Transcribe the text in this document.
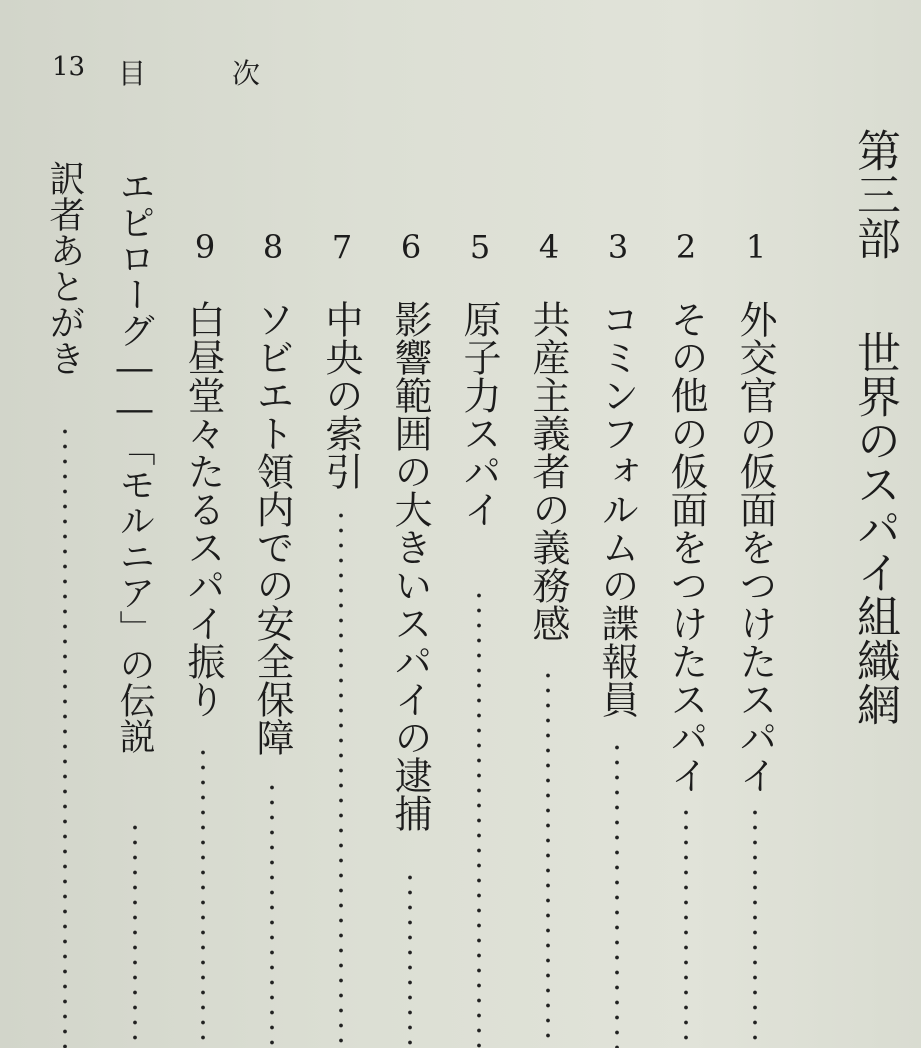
13 目次
第三部世界のスパイ組織網
1
2
3
4
5
6
7
8
9
外交官の仮面をつけたスパイ
その他の仮面をつけたスパイ
コミンフォルムの諜報員
共産主義者の義務感
原子力スパイ
影響範囲の大きいスパイの逮捕
中央の索引
ソビエト領内での安全保障
白昼堂々たるスパイ振り
エピローグ――「モルニア」の伝説
訳者あとがき
